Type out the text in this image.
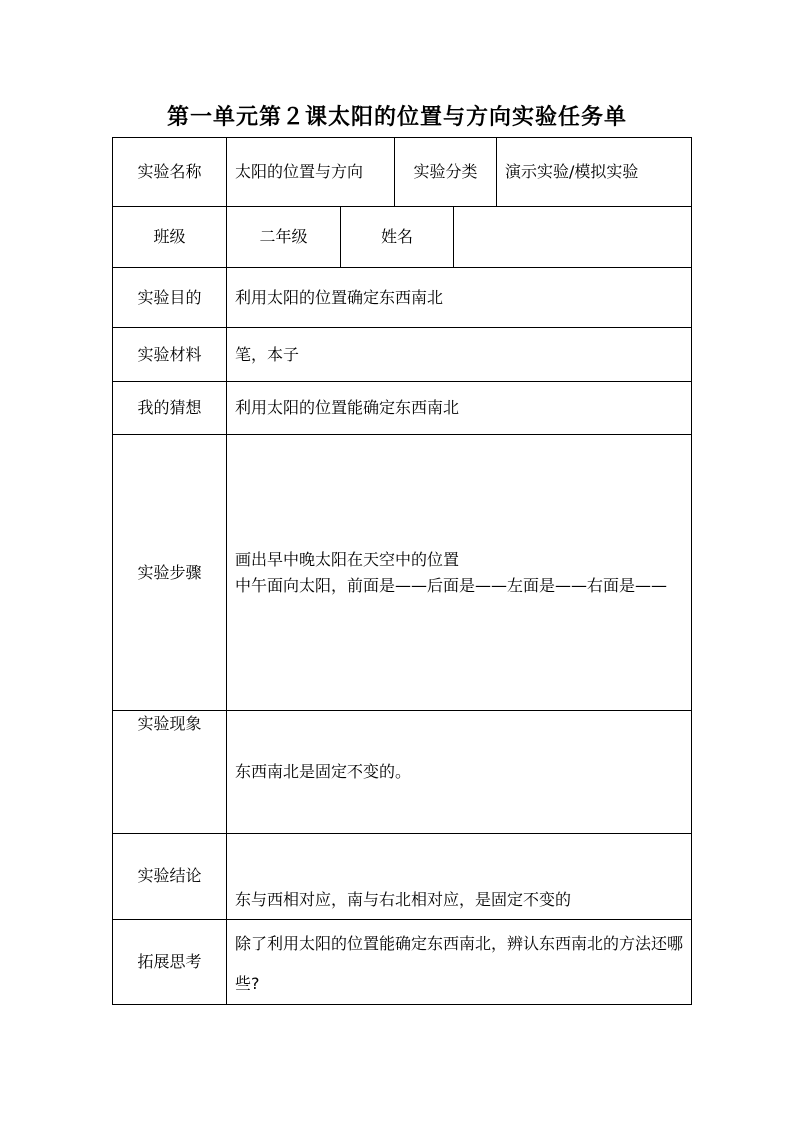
第一单元第２课太阳的位置与方向实验任务单
实验名称	太阳的位置与方向		实验分类		演示实验/模拟实验
班级	二年级	姓名			
实验目的	利用太阳的位置确定东西南北				
实验材料	笔，本子				
我的猜想	利用太阳的位置能确定东西南北				
实验步骤	画出早中晚太阳在天空中的位置
中午面向太阳，前面是——后面是——左面是——右面是——				

实验现象	东西南北是固定不变的。				
实验结论	东与西相对应，南与右北相对应，是固定不变的				
拓展思考	除了利用太阳的位置能确定东西南北，辨认东西南北的方法还哪些?				
